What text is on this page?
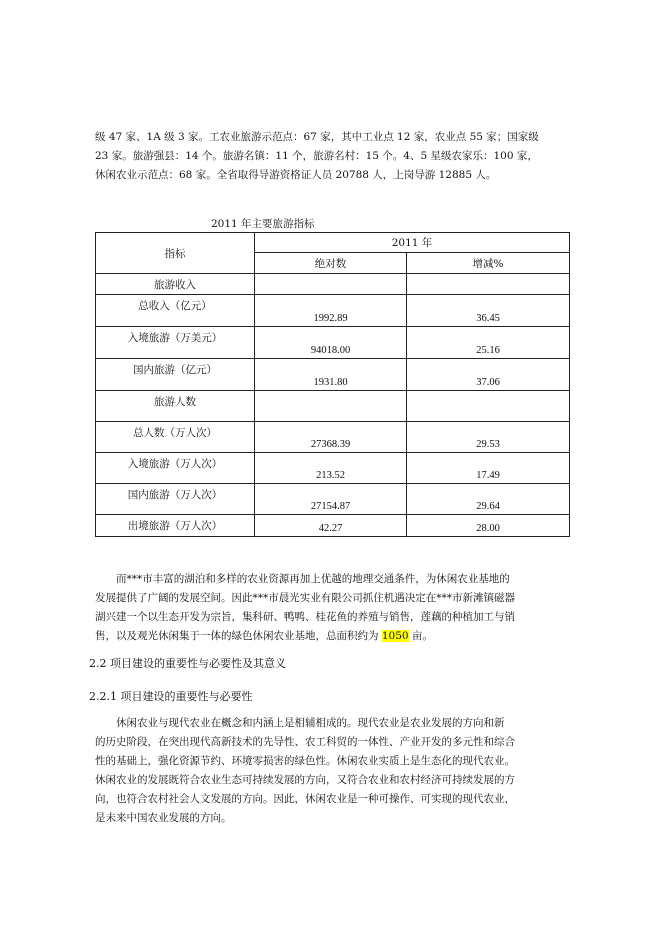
级 47 家、1A 级 3 家。工农业旅游示范点：67 家，其中工业点 12 家，农业点 55 家；国家级
23 家。旅游强县：14 个。旅游名镇：11 个，旅游名村：15 个。4、5 星级农家乐：100 家，
休闲农业示范点：68 家。全省取得导游资格证人员 20788 人，上岗导游 12885 人。
2011 年主要旅游指标
指标	2011 年	
	绝对数	增减%
旅游收入		
总收入（亿元）	1992.89	36.45
入境旅游（万美元）	94018.00	25.16
国内旅游（亿元）	1931.80	37.06
旅游人数		
总人数（万人次）	27368.39	29.53
入境旅游（万人次）	213.52	17.49
国内旅游（万人次）	27154.87	29.64
出境旅游（万人次）	42.27	28.00
而***市丰富的湖泊和多样的农业资源再加上优越的地理交通条件，为休闲农业基地的
发展提供了广阔的发展空间。因此***市晨光实业有限公司抓住机遇决定在***市新滩镇磁器
湖兴建一个以生态开发为宗旨，集科研、鸭鸭、桂花鱼的养殖与销售，莲藕的种植加工与销
售，以及观光休闲集于一体的绿色休闲农业基地，总面积约为 1050 亩。
2.2 项目建设的重要性与必要性及其意义
2.2.1 项目建设的重要性与必要性
休闲农业与现代农业在概念和内涵上是相辅相成的。现代农业是农业发展的方向和新
的历史阶段，在突出现代高新技术的先导性、农工科贸的一体性、产业开发的多元性和综合
性的基础上，强化资源节约、环境零损害的绿色性。休闲农业实质上是生态化的现代农业。
休闲农业的发展既符合农业生态可持续发展的方向，又符合农业和农村经济可持续发展的方
向，也符合农村社会人文发展的方向。因此，休闲农业是一种可操作、可实现的现代农业，
是未来中国农业发展的方向。
